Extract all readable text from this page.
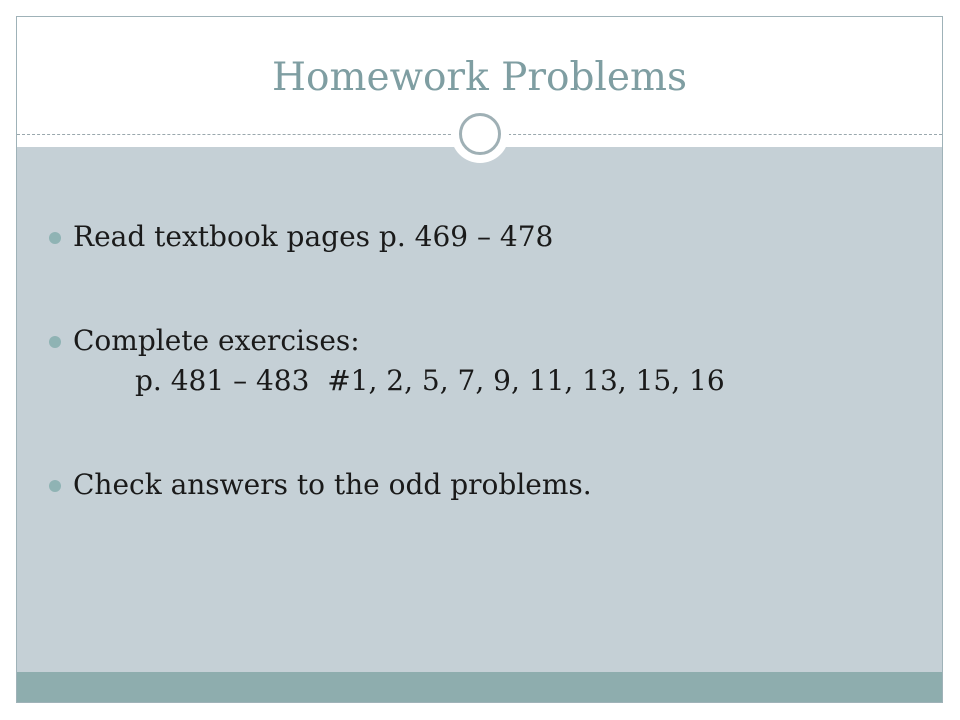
Homework Problems
Read textbook pages p. 469 – 478
Complete exercises:
p. 481 – 483  #1, 2, 5, 7, 9, 11, 13, 15, 16
Check answers to the odd problems.
